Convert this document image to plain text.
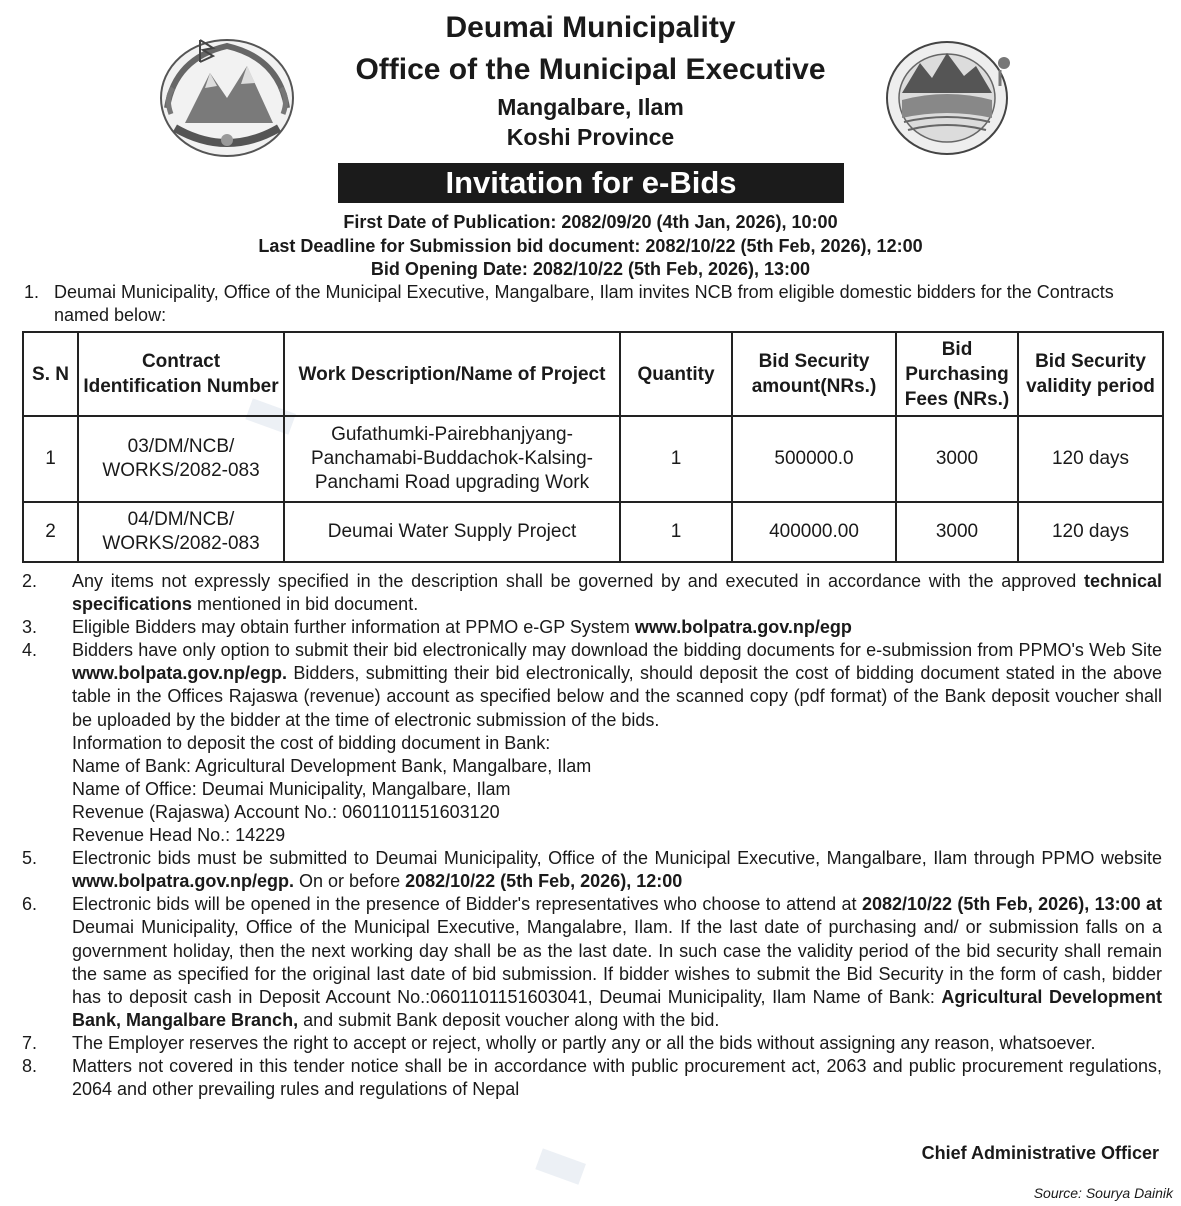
▮
▮
Deumai Municipality
Office of the Municipal Executive
Mangalbare, Ilam
Koshi Province
Invitation for e-Bids
First Date of Publication: 2082/09/20 (4th Jan, 2026), 10:00
Last Deadline for Submission bid document: 2082/10/22 (5th Feb, 2026), 12:00
Bid Opening Date: 2082/10/22 (5th Feb, 2026), 13:00
1. Deumai Municipality, Office of the Municipal Executive, Mangalbare, Ilam invites NCB from eligible domestic bidders for the Contracts named below:
S. N	Contract Identification Number	Work Description/Name of Project	Quantity	Bid Security amount(NRs.)	Bid Purchasing Fees (NRs.)	Bid Security validity period
1	03/DM/NCB/ WORKS/2082-083	Gufathumki-Pairebhanjyang-Panchamabi-Buddachok-Kalsing-Panchami Road upgrading Work	1	500000.0	3000	120 days
2	04/DM/NCB/ WORKS/2082-083	Deumai Water Supply Project	1	400000.00	3000	120 days
2. Any items not expressly specified in the description shall be governed by and executed in accordance with the approved technical specifications mentioned in bid document.
3. Eligible Bidders may obtain further information at PPMO e-GP System www.bolpatra.gov.np/egp
4. Bidders have only option to submit their bid electronically may download the bidding documents for e-submission from PPMO's Web Site www.bolpata.gov.np/egp. Bidders, submitting their bid electronically, should deposit the cost of bidding document stated in the above table in the Offices Rajaswa (revenue) account as specified below and the scanned copy (pdf format) of the Bank deposit voucher shall be uploaded by the bidder at the time of electronic submission of the bids.
Information to deposit the cost of bidding document in Bank:
Name of Bank: Agricultural Development Bank, Mangalbare, Ilam
Name of Office: Deumai Municipality, Mangalbare, Ilam
Revenue (Rajaswa) Account No.: 0601101151603120
Revenue Head No.: 14229
5. Electronic bids must be submitted to Deumai Municipality, Office of the Municipal Executive, Mangalbare, Ilam through PPMO website www.bolpatra.gov.np/egp. On or before 2082/10/22 (5th Feb, 2026), 12:00
6. Electronic bids will be opened in the presence of Bidder's representatives who choose to attend at 2082/10/22 (5th Feb, 2026), 13:00 at Deumai Municipality, Office of the Municipal Executive, Mangalabre, Ilam. If the last date of purchasing and/ or submission falls on a government holiday, then the next working day shall be as the last date. In such case the validity period of the bid security shall remain the same as specified for the original last date of bid submission. If bidder wishes to submit the Bid Security in the form of cash, bidder has to deposit cash in Deposit Account No.:0601101151603041, Deumai Municipality, Ilam Name of Bank: Agricultural Development Bank, Mangalbare Branch, and submit Bank deposit voucher along with the bid.
7. The Employer reserves the right to accept or reject, wholly or partly any or all the bids without assigning any reason, whatsoever.
8. Matters not covered in this tender notice shall be in accordance with public procurement act, 2063 and public procurement regulations, 2064 and other prevailing rules and regulations of Nepal
Chief Administrative Officer
Source: Sourya Dainik
